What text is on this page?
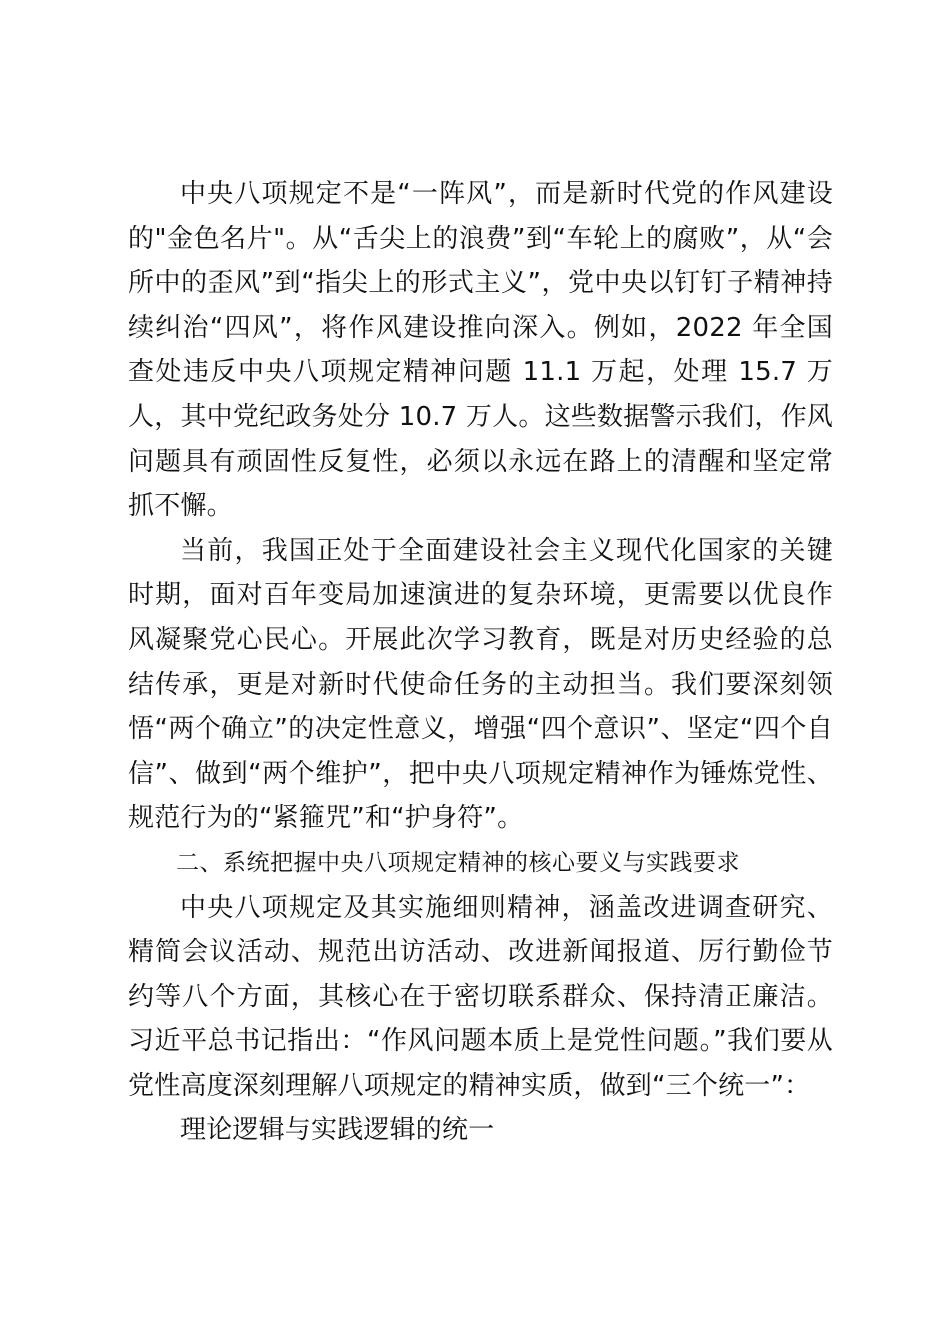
中央八项规定不是“一阵风”，而是新时代党的作风建设的"金色名片"。从“舌尖上的浪费”到“车轮上的腐败”，从“会所中的歪风”到“指尖上的形式主义”，党中央以钉钉子精神持续纠治“四风”，将作风建设推向深入。例如，2022 年全国查处违反中央八项规定精神问题 11.1 万起，处理 15.7 万人，其中党纪政务处分 10.7 万人。这些数据警示我们，作风问题具有顽固性反复性，必须以永远在路上的清醒和坚定常抓不懈。

当前，我国正处于全面建设社会主义现代化国家的关键时期，面对百年变局加速演进的复杂环境，更需要以优良作风凝聚党心民心。开展此次学习教育，既是对历史经验的总结传承，更是对新时代使命任务的主动担当。我们要深刻领悟“两个确立”的决定性意义，增强“四个意识”、坚定“四个自信”、做到“两个维护”，把中央八项规定精神作为锤炼党性、规范行为的“紧箍咒”和“护身符”。

二、系统把握中央八项规定精神的核心要义与实践要求

中央八项规定及其实施细则精神，涵盖改进调查研究、精简会议活动、规范出访活动、改进新闻报道、厉行勤俭节约等八个方面，其核心在于密切联系群众、保持清正廉洁。习近平总书记指出：“作风问题本质上是党性问题。”我们要从党性高度深刻理解八项规定的精神实质，做到“三个统一”：

理论逻辑与实践逻辑的统一
